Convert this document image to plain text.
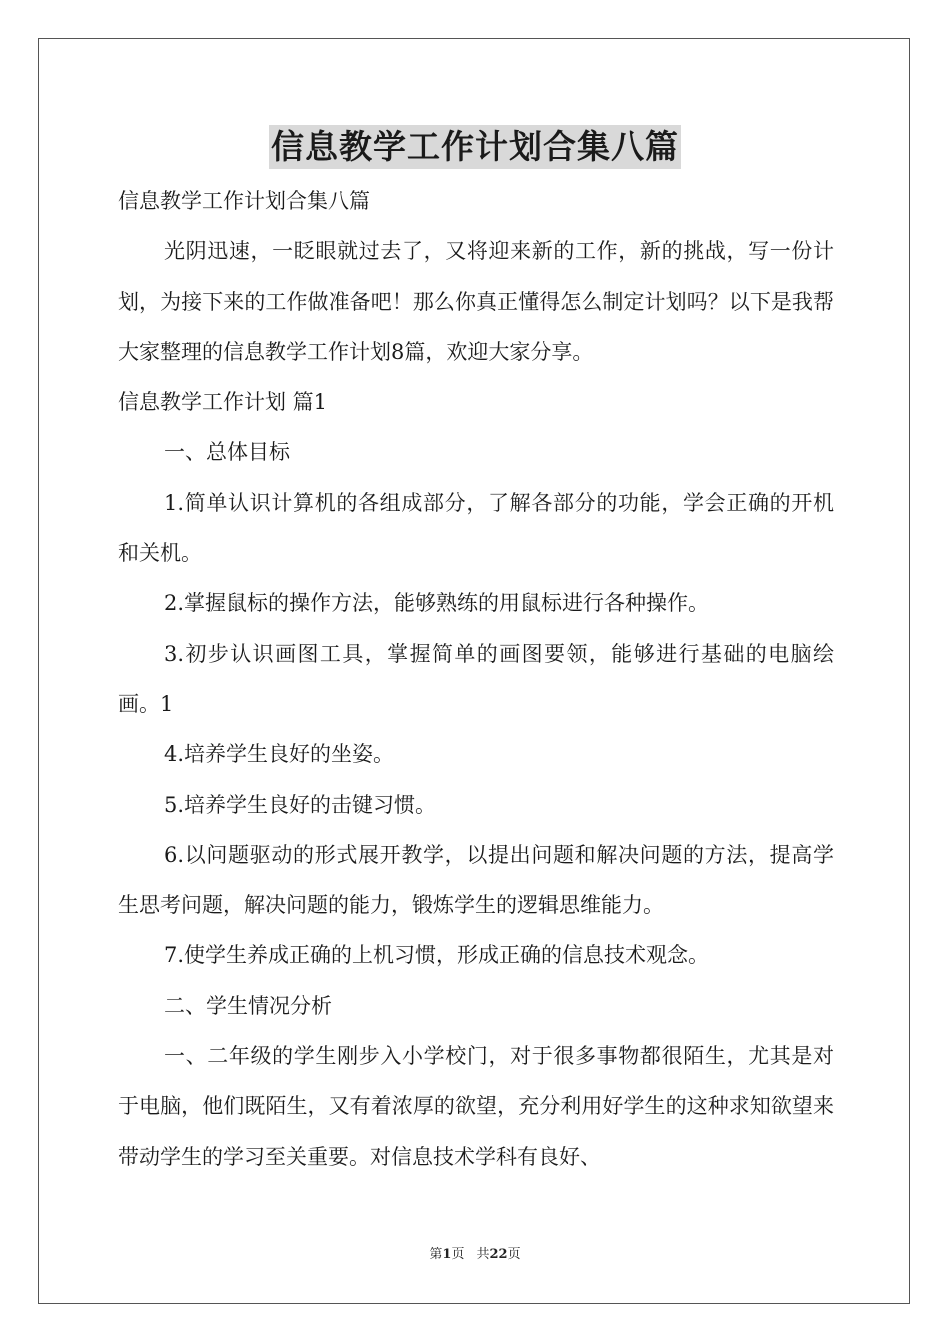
信息教学工作计划合集八篇

信息教学工作计划合集八篇

光阴迅速，一眨眼就过去了，又将迎来新的工作，新的挑战，写一份计划，为接下来的工作做准备吧！那么你真正懂得怎么制定计划吗？以下是我帮大家整理的信息教学工作计划8篇，欢迎大家分享。

信息教学工作计划 篇1

一、总体目标

1.简单认识计算机的各组成部分，了解各部分的功能，学会正确的开机和关机。

2.掌握鼠标的操作方法，能够熟练的用鼠标进行各种操作。

3.初步认识画图工具，掌握简单的画图要领，能够进行基础的电脑绘画。1

4.培养学生良好的坐姿。

5.培养学生良好的击键习惯。

6.以问题驱动的形式展开教学，以提出问题和解决问题的方法，提高学生思考问题，解决问题的能力，锻炼学生的逻辑思维能力。

7.使学生养成正确的上机习惯，形成正确的信息技术观念。

二、学生情况分析

一、二年级的学生刚步入小学校门，对于很多事物都很陌生，尤其是对于电脑，他们既陌生，又有着浓厚的欲望，充分利用好学生的这种求知欲望来带动学生的学习至关重要。对信息技术学科有良好、

第1页 共22页
